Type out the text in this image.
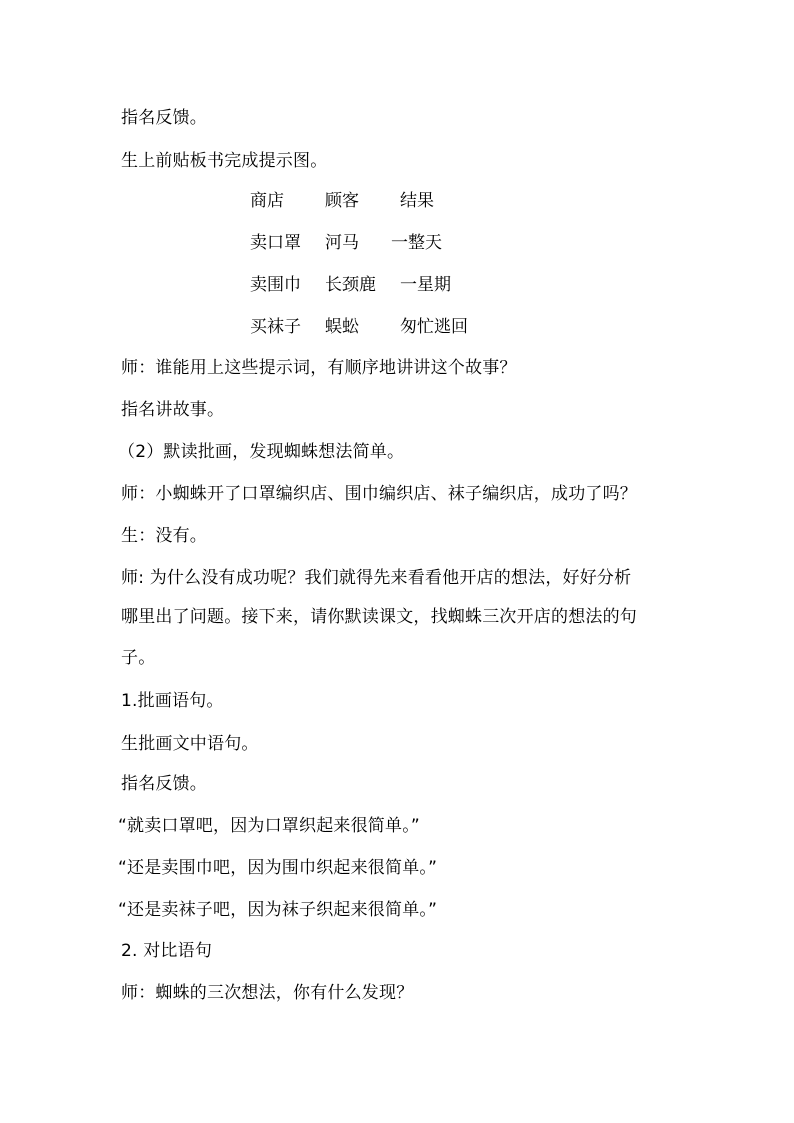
指名反馈。
生上前贴板书完成提示图。
商店 顾客 结果
卖口罩 河马 一整天
卖围巾 长颈鹿 一星期
买袜子 蜈蚣 匆忙逃回
师：谁能用上这些提示词，有顺序地讲讲这个故事？
指名讲故事。
（2）默读批画，发现蜘蛛想法简单。
师：小蜘蛛开了口罩编织店、围巾编织店、袜子编织店，成功了吗？
生：没有。
师: 为什么没有成功呢？我们就得先来看看他开店的想法，好好分析
哪里出了问题。接下来，请你默读课文，找蜘蛛三次开店的想法的句
子。
1.批画语句。
生批画文中语句。
指名反馈。
“就卖口罩吧，因为口罩织起来很简单。”
“还是卖围巾吧，因为围巾织起来很简单。”
“还是卖袜子吧，因为袜子织起来很简单。”
2. 对比语句
师：蜘蛛的三次想法，你有什么发现？
